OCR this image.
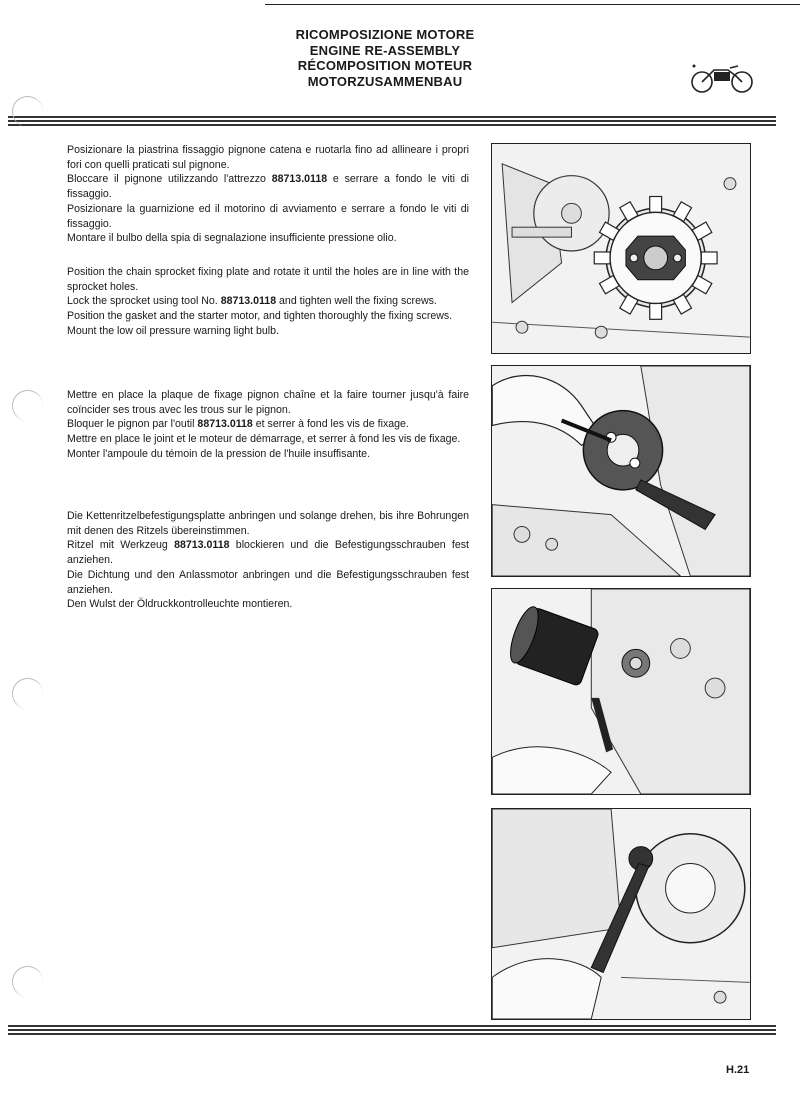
RICOMPOSIZIONE MOTORE
ENGINE RE-ASSEMBLY
RÉCOMPOSITION MOTEUR
MOTORZUSAMMENBAU

Posizionare la piastrina fissaggio pignone catena e ruotarla fino ad allineare i propri fori con quelli praticati sul pignone.
Bloccare il pignone utilizzando l'attrezzo 88713.0118 e serrare a fondo le viti di fissaggio.
Posizionare la guarnizione ed il motorino di avviamento e serrare a fondo le viti di fissaggio.
Montare il bulbo della spia di segnalazione insufficiente pressione olio.

Position the chain sprocket fixing plate and rotate it until the holes are in line with the sprocket holes.
Lock the sprocket using tool No. 88713.0118 and tighten well the fixing screws.
Position the gasket and the starter motor, and tighten thoroughly the fixing screws.
Mount the low oil pressure warning light bulb.

Mettre en place la plaque de fixage pignon chaîne et la faire tourner jusqu'à faire coïncider ses trous avec les trous sur le pignon.
Bloquer le pignon par l'outil 88713.0118 et serrer à fond les vis de fixage.
Mettre en place le joint et le moteur de démarrage, et serrer à fond les vis de fixage.
Monter l'ampoule du témoin de la pression de l'huile insuffisante.

Die Kettenritzelbefestigungsplatte anbringen und solange drehen, bis ihre Bohrungen mit denen des Ritzels übereinstimmen.
Ritzel mit Werkzeug 88713.0118 blockieren und die Befestigungsschrauben fest anziehen.
Die Dichtung und den Anlassmotor anbringen und die Befestigungsschrauben fest anziehen.
Den Wulst der Öldruckkontrolleuchte montieren.

H.21
